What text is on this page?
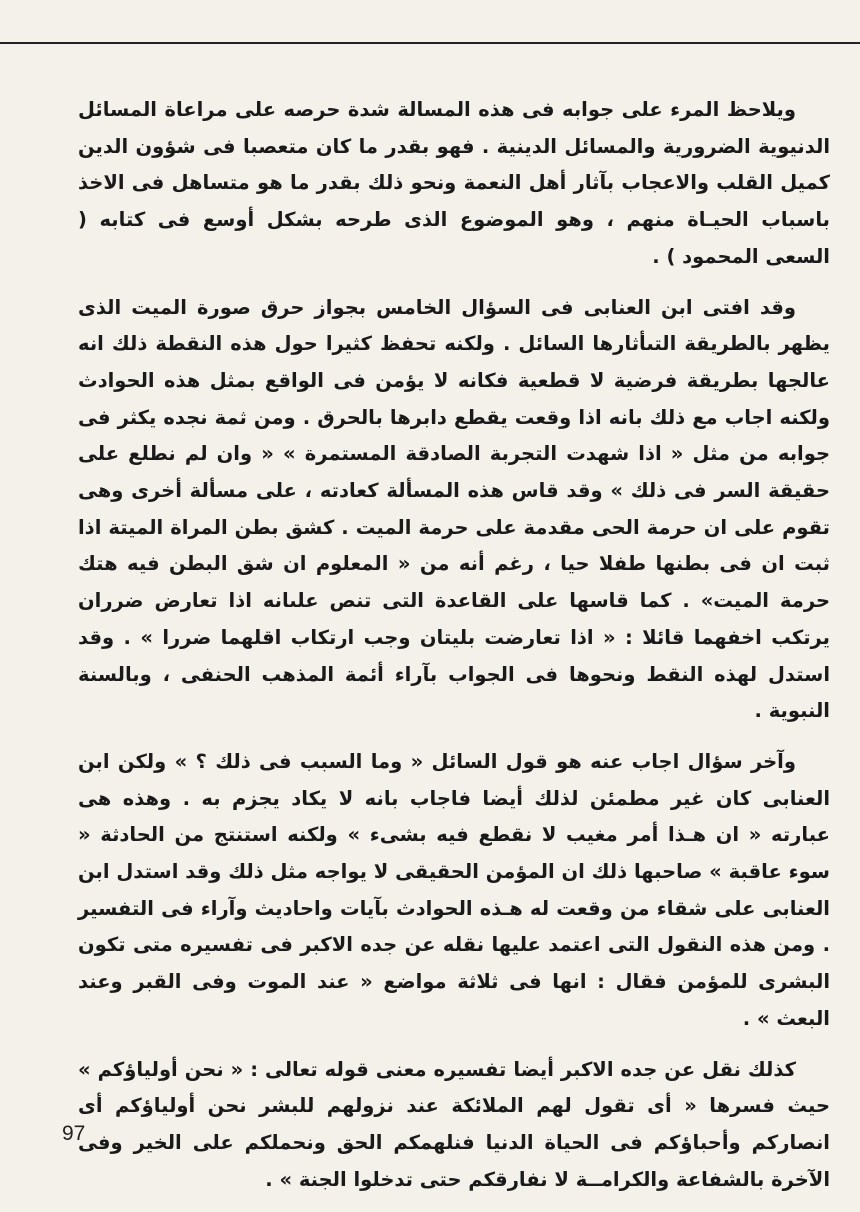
ويلاحظ المرء على جوابه فى هذه المسالة شدة حرصه على مراعاة المسائل الدنيوية الضرورية والمسائل الدينية . فهو بقدر ما كان متعصبا فى شؤون الدين كميل القلب والاعجاب بآثار أهل النعمة ونحو ذلك بقدر ما هو متساهل فى الاخذ باسباب الحيـاة منهم ، وهو الموضوع الذى طرحه بشكل أوسع فى كتابه ( السعى المحمود ) .

وقد افتى ابن العنابى فى السؤال الخامس بجواز حرق صورة الميت الذى يظهر بالطريقة التىأثارها السائل . ولكنه تحفظ كثيرا حول هذه النقطة ذلك انه عالجها بطريقة فرضية لا قطعية فكانه لا يؤمن فى الواقع بمثل هذه الحوادث ولكنه اجاب مع ذلك بانه اذا وقعت يقطع دابرها بالحرق . ومن ثمة نجده يكثر فى جوابه من مثل « اذا شهدت التجربة الصادقة المستمرة » « وان لم نطلع على حقيقة السر فى ذلك » وقد قاس هذه المسألة كعادته ، على مسألة أخرى وهى تقوم على ان حرمة الحى مقدمة على حرمة الميت . كشق بطن المراة الميتة اذا ثبت ان فى بطنها طفلا حيا ، رغم أنه من « المعلوم ان شق البطن فيه هتك حرمة الميت» . كما قاسها على القاعدة التى تنص علىانه اذا تعارض ضرران يرتكب اخفهما قائلا : « اذا تعارضت بليتان وجب ارتكاب اقلهما ضررا » . وقد استدل لهذه النقط ونحوها فى الجواب بآراء أئمة المذهب الحنفى ، وبالسنة النبوية .

وآخر سؤال اجاب عنه هو قول السائل « وما السبب فى ذلك ؟ » ولكن ابن العنابى كان غير مطمئن لذلك أيضا فاجاب بانه لا يكاد يجزم به . وهذه هى عبارته « ان هـذا أمر مغيب لا نقطع فيه بشىء » ولكنه استنتج من الحادثة « سوء عاقبة » صاحبها ذلك ان المؤمن الحقيقى لا يواجه مثل ذلك وقد استدل ابن العنابى على شقاء من وقعت له هـذه الحوادث بآيات واحاديث وآراء فى التفسير . ومن هذه النقول التى اعتمد عليها نقله عن جده الاكبر فى تفسيره متى تكون البشرى للمؤمن فقال : انها فى ثلاثة مواضع « عند الموت وفى القبر وعند البعث » .

كذلك نقل عن جده الاكبر أيضا تفسيره معنى قوله تعالى : « نحن أولياؤكم » حيث فسرها « أى تقول لهم الملائكة عند نزولهم للبشر نحن أولياؤكم أى انصاركم وأحباؤكم فى الحياة الدنيا فنلهمكم الحق ونحملكم على الخير وفى الآخرة بالشفاعة والكرامــة لا نفارقكم حتى تدخلوا الجنة » .

97
